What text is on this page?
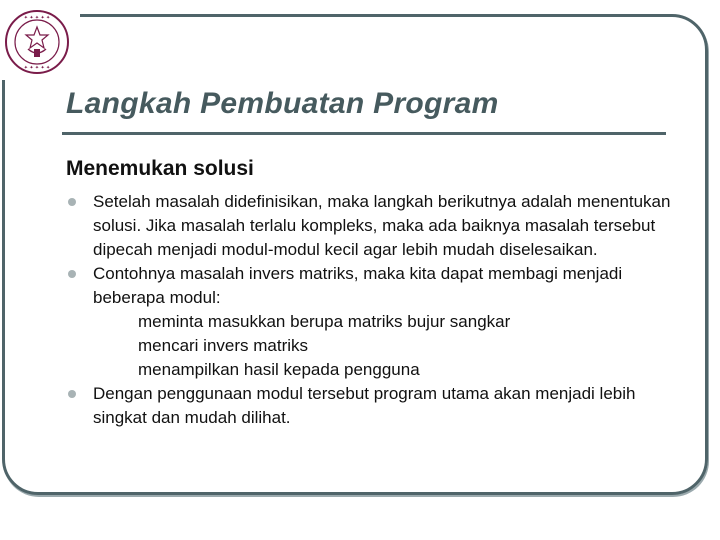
✦ ✦ ✦ ✦ ✦
✦ ✦ ✦ ✦ ✦
Langkah Pembuatan Program
Menemukan solusi
Setelah masalah didefinisikan, maka langkah berikutnya adalah menentukan solusi. Jika masalah terlalu kompleks, maka ada baiknya masalah tersebut dipecah menjadi modul-modul kecil agar lebih mudah diselesaikan.
Contohnya masalah invers matriks, maka kita dapat membagi menjadi beberapa modul:
meminta masukkan berupa matriks bujur sangkar
mencari invers matriks
menampilkan hasil kepada pengguna
Dengan penggunaan modul tersebut program utama akan menjadi lebih singkat dan mudah dilihat.
